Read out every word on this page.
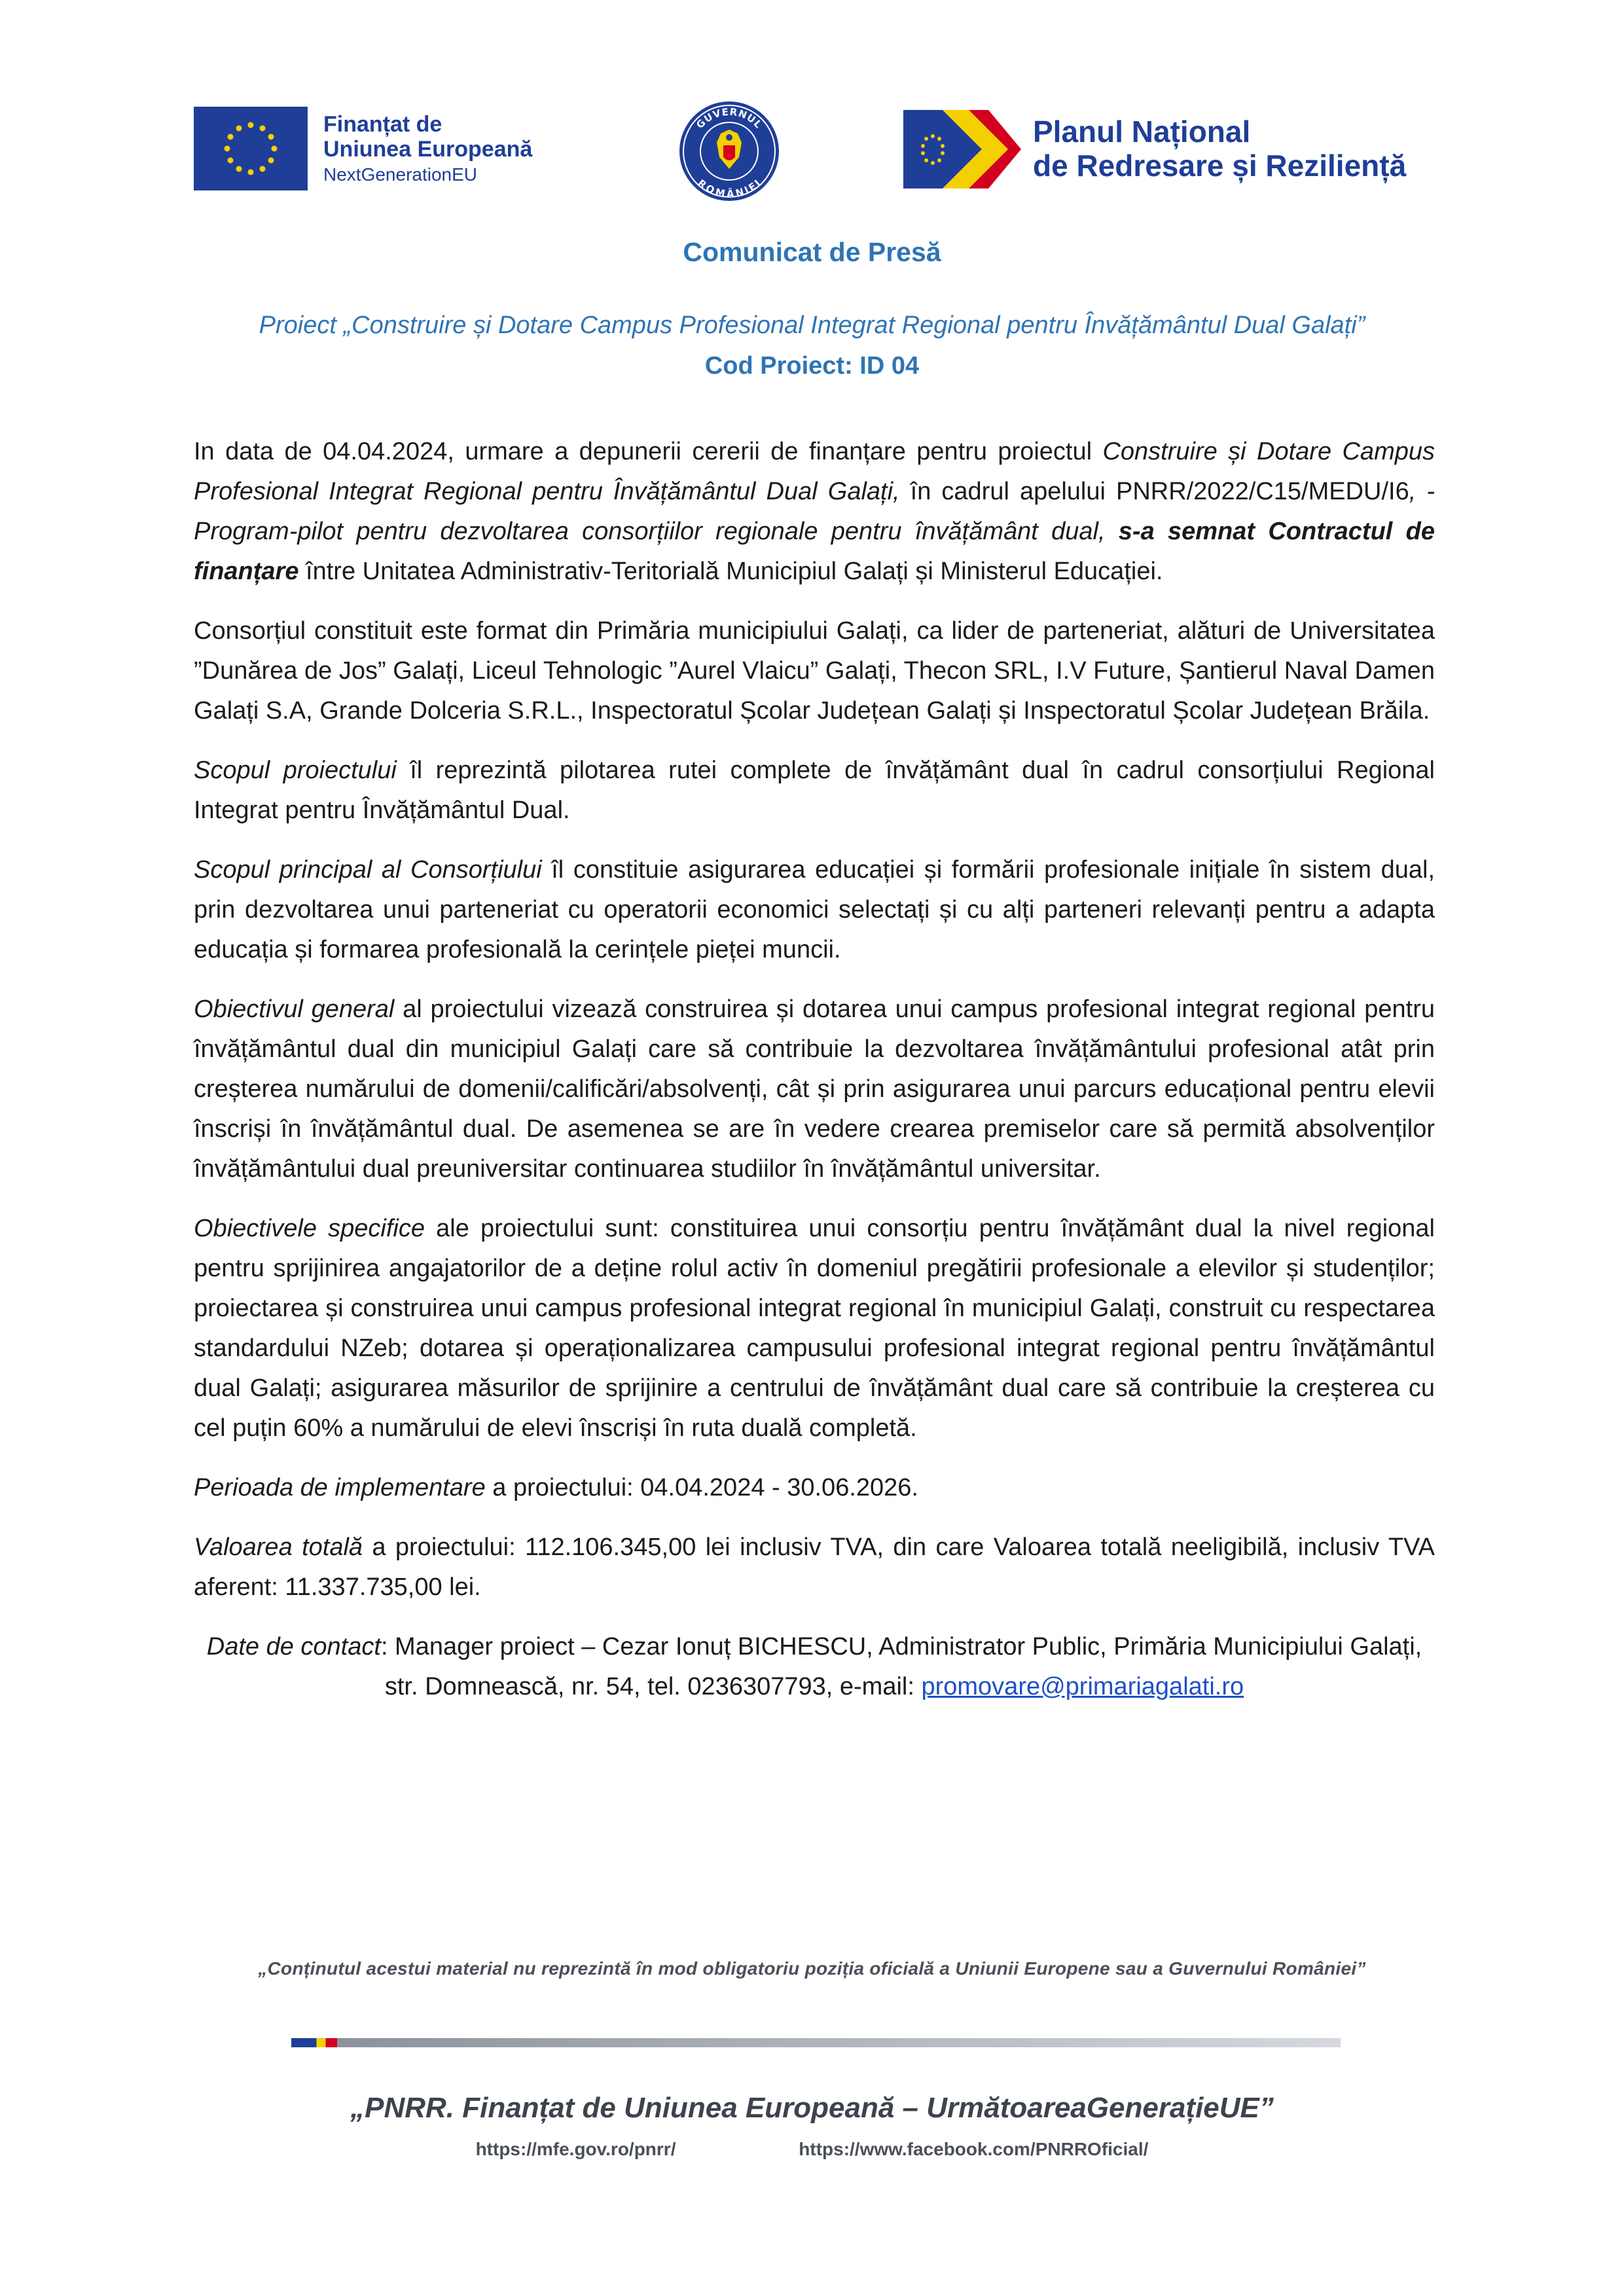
Finanțat de
Uniunea Europeană
NextGenerationEU
GUVERNUL
ROMÂNIEI
Planul Național
de Redresare și Reziliență
Comunicat de Presă
Proiect „Construire și Dotare Campus Profesional Integrat Regional pentru Învățământul Dual Galați”
Cod Proiect: ID 04

In data de 04.04.2024, urmare a depunerii cererii de finanțare pentru proiectul Construire și Dotare Campus Profesional Integrat Regional pentru Învățământul Dual Galați, în cadrul apelului PNRR/2022/C15/MEDU/I6, - Program-pilot pentru dezvoltarea consorțiilor regionale pentru învățământ dual, s-a semnat Contractul de finanțare între Unitatea Administrativ-Teritorială Municipiul Galați și Ministerul Educației.

Consorțiul constituit este format din Primăria municipiului Galați, ca lider de parteneriat, alături de Universitatea ”Dunărea de Jos” Galați, Liceul Tehnologic ”Aurel Vlaicu” Galați, Thecon SRL, I.V Future, Șantierul Naval Damen Galați S.A, Grande Dolceria S.R.L., Inspectoratul Școlar Județean Galați și Inspectoratul Școlar Județean Brăila.

Scopul proiectului îl reprezintă pilotarea rutei complete de învățământ dual în cadrul consorțiului Regional Integrat pentru Învățământul Dual.

Scopul principal al Consorțiului îl constituie asigurarea educației și formării profesionale inițiale în sistem dual, prin dezvoltarea unui parteneriat cu operatorii economici selectați și cu alți parteneri relevanți pentru a adapta educația și formarea profesională la cerințele pieței muncii.

Obiectivul general al proiectului vizează construirea și dotarea unui campus profesional integrat regional pentru învățământul dual din municipiul Galați care să contribuie la dezvoltarea învățământului profesional atât prin creșterea numărului de domenii/calificări/absolvenți, cât și prin asigurarea unui parcurs educațional pentru elevii înscriși în învățământul dual. De asemenea se are în vedere crearea premiselor care să permită absolvenților învățământului dual preuniversitar continuarea studiilor în învățământul universitar.

Obiectivele specifice ale proiectului sunt: constituirea unui consorțiu pentru învățământ dual la nivel regional pentru sprijinirea angajatorilor de a deține rolul activ în domeniul pregătirii profesionale a elevilor și studenților; proiectarea și construirea unui campus profesional integrat regional în municipiul Galați, construit cu respectarea standardului NZeb; dotarea și operaționalizarea campusului profesional integrat regional pentru învățământul dual Galați; asigurarea măsurilor de sprijinire a centrului de învățământ dual care să contribuie la creșterea cu cel puțin 60% a numărului de elevi înscriși în ruta duală completă.

Perioada de implementare a proiectului: 04.04.2024 - 30.06.2026.

Valoarea totală a proiectului: 112.106.345,00 lei inclusiv TVA, din care Valoarea totală neeligibilă, inclusiv TVA aferent: 11.337.735,00 lei.

Date de contact: Manager proiect – Cezar Ionuț BICHESCU, Administrator Public, Primăria Municipiului Galați, str. Domnească, nr. 54, tel. 0236307793, e-mail: promovare@primariagalati.ro

„Conținutul acestui material nu reprezintă în mod obligatoriu poziția oficială a Uniunii Europene sau a Guvernului României”
„PNRR. Finanțat de Uniunea Europeană – UrmătoareaGenerațieUE”
https://mfe.gov.ro/pnrr/	https://www.facebook.com/PNRROficial/
